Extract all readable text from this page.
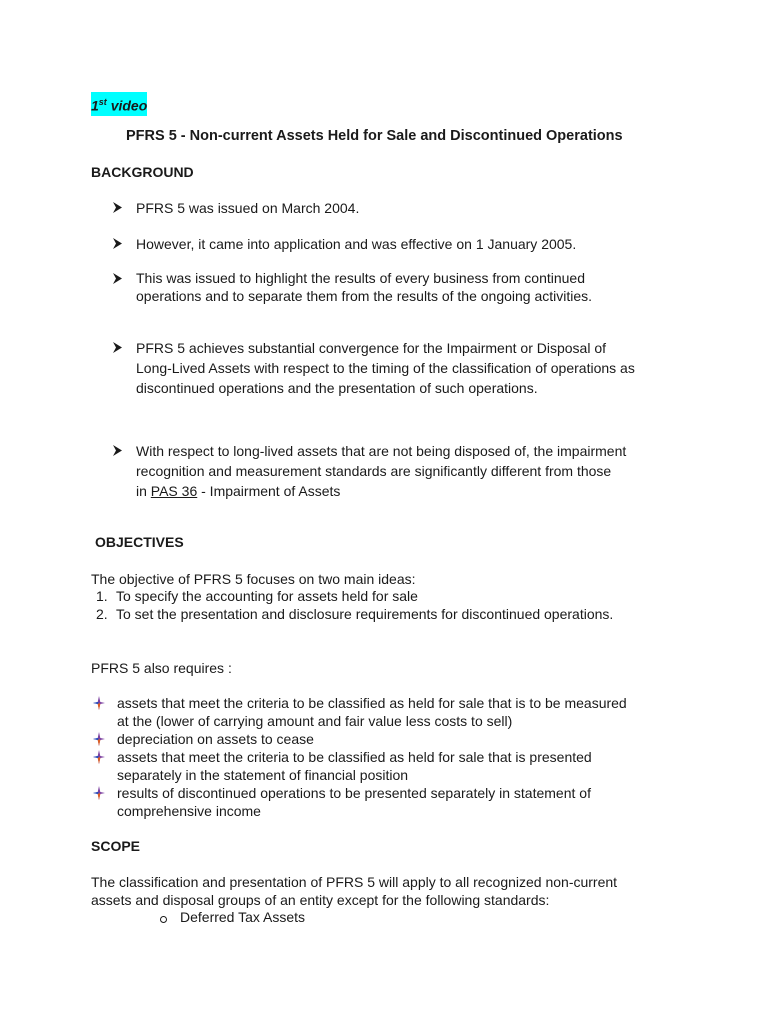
1st video
PFRS 5 - Non-current Assets Held for Sale and Discontinued Operations
BACKGROUND
PFRS 5 was issued on March 2004.
However, it came into application and was effective on 1 January 2005.
This was issued to highlight the results of every business from continued
operations and to separate them from the results of the ongoing activities.
PFRS 5 achieves substantial convergence for the Impairment or Disposal of
Long-Lived Assets with respect to the timing of the classification of operations as
discontinued operations and the presentation of such operations.
With respect to long-lived assets that are not being disposed of, the impairment
recognition and measurement standards are significantly different from those
in PAS 36 - Impairment of Assets
OBJECTIVES
The objective of PFRS 5 focuses on two main ideas:
1. To specify the accounting for assets held for sale
2. To set the presentation and disclosure requirements for discontinued operations.
PFRS 5 also requires :
assets that meet the criteria to be classified as held for sale that is to be measured
at the (lower of carrying amount and fair value less costs to sell)
depreciation on assets to cease
assets that meet the criteria to be classified as held for sale that is presented
separately in the statement of financial position
results of discontinued operations to be presented separately in statement of
comprehensive income
SCOPE
The classification and presentation of PFRS 5 will apply to all recognized non-current
assets and disposal groups of an entity except for the following standards:
Deferred Tax Assets
